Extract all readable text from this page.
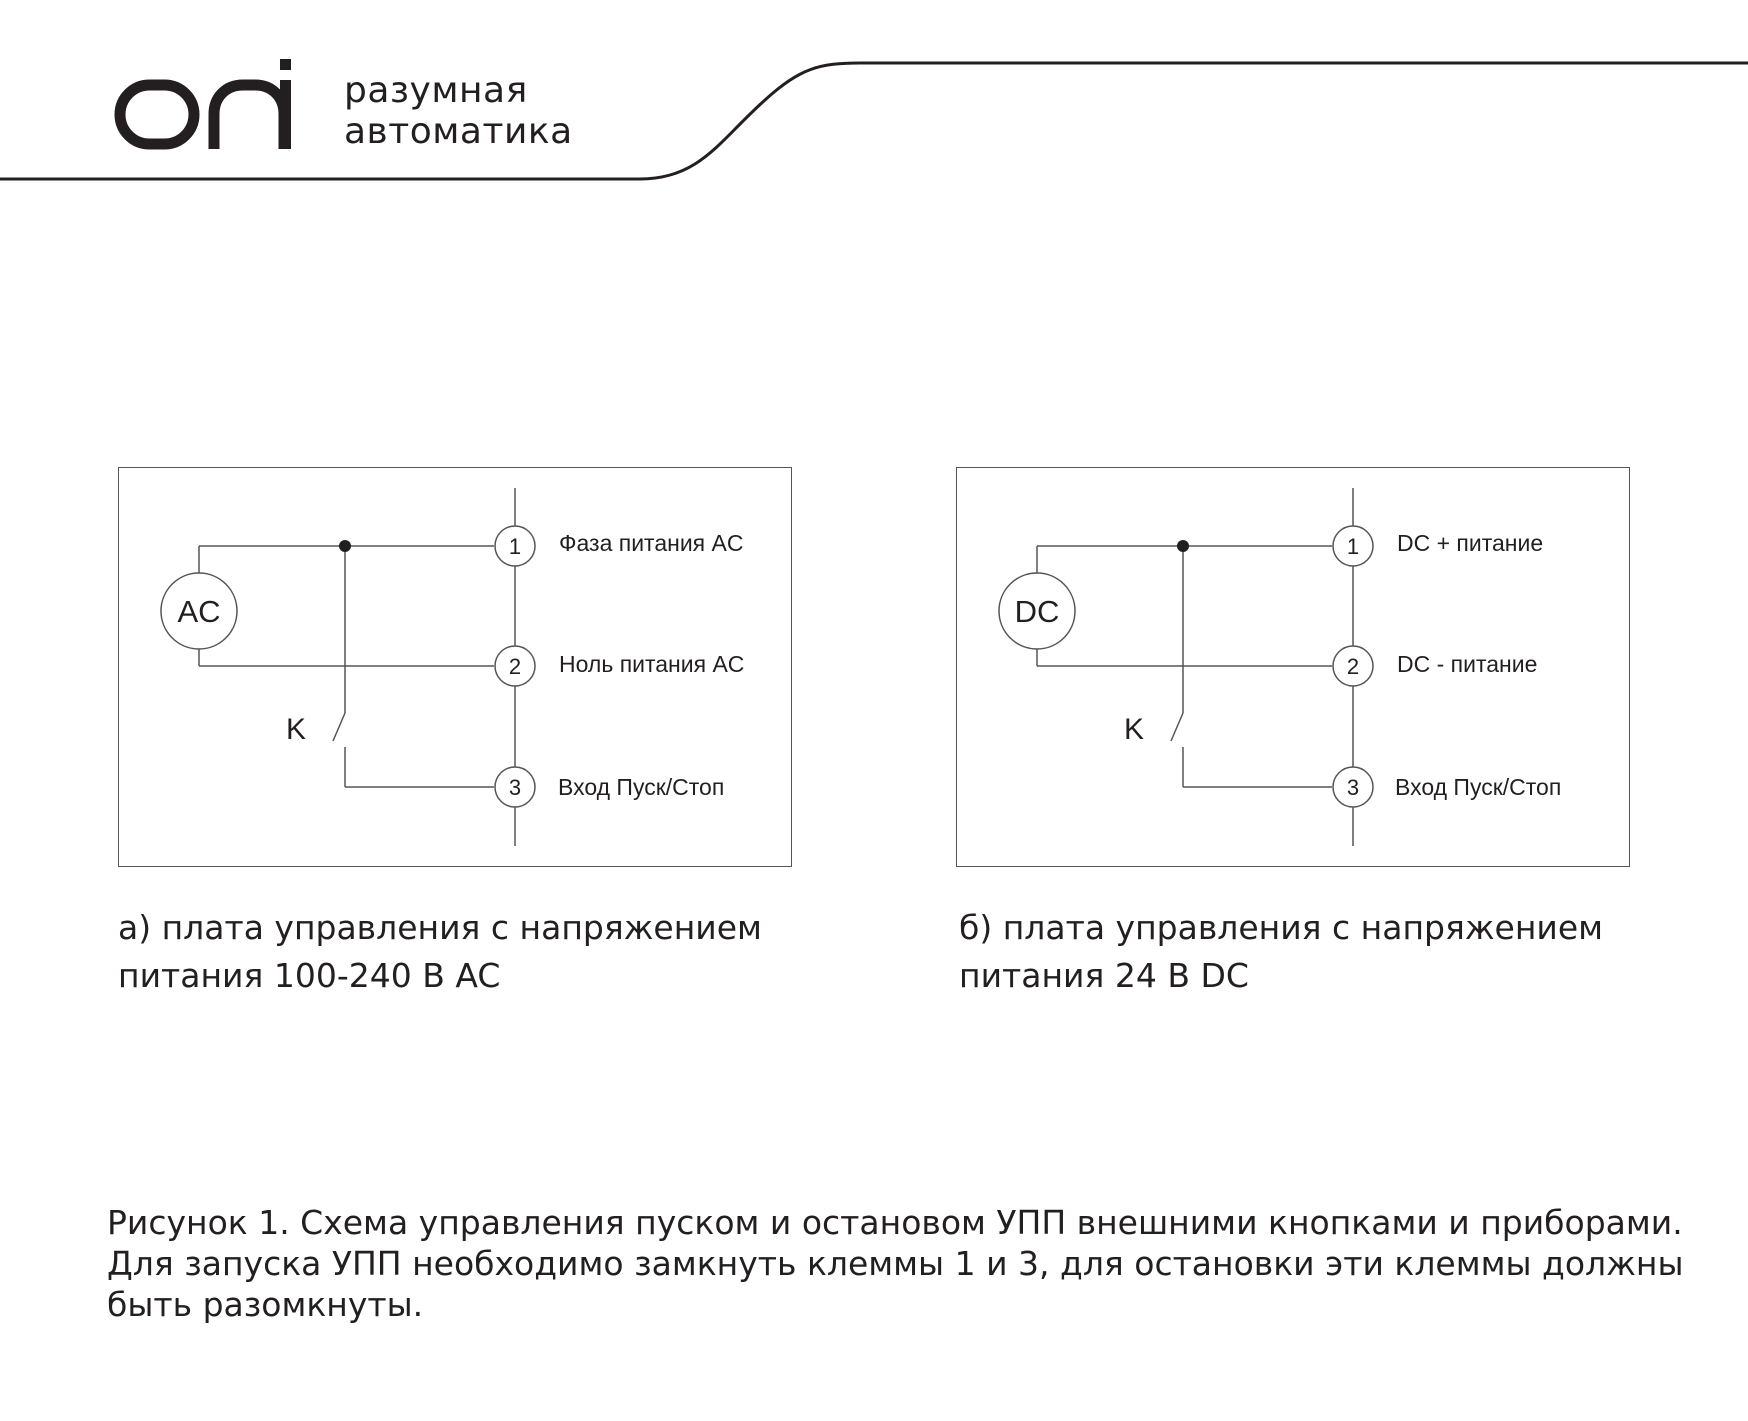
разумная
автоматика
AC
K
1
2
3
Фаза питания AC
Ноль питания AC
Вход Пуск/Стоп
DC
K
1
2
3
DC + питание
DC - питание
Вход Пуск/Стоп
а) плата управления с напряжением
питания 100-240 В AC
б) плата управления с напряжением
питания 24 В DC
Рисунок 1. Схема управления пуском и остановом УПП внешними кнопками и приборами.
Для запуска УПП необходимо замкнуть клеммы 1 и 3, для остановки эти клеммы должны
быть разомкнуты.
